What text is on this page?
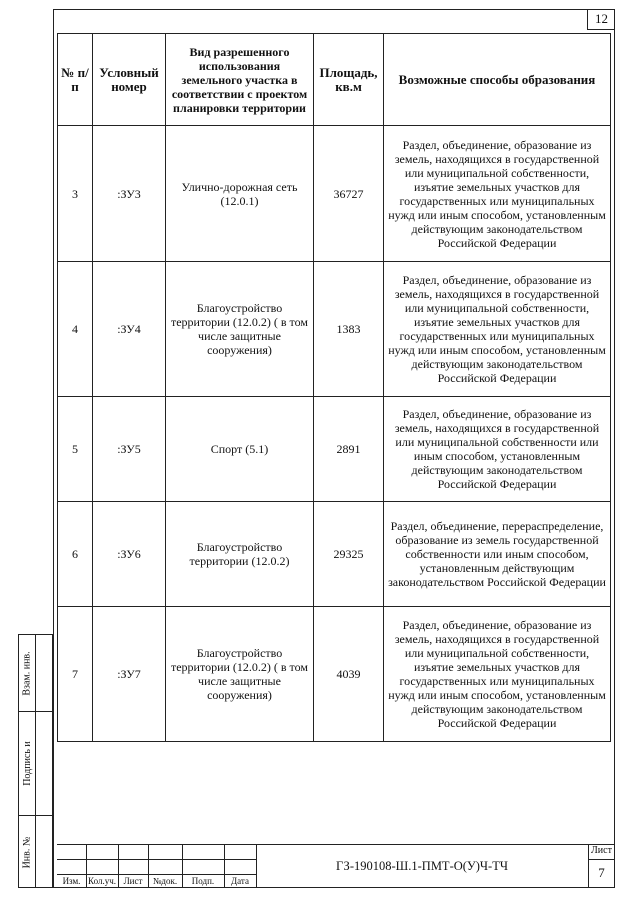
12
№ п/п	Условный номер	Вид разрешенного использования земельного участка в соответствии с проектом планировки территории	Площадь, кв.м	Возможные способы образования
3	:ЗУ3	Улично-дорожная сеть (12.0.1)	36727	Раздел, объединение, образование из земель, находящихся в государственной или муниципальной собственности, изъятие земельных участков для государственных или муниципальных нужд или иным способом, установленным действующим законодательством Российской Федерации
4	:ЗУ4	Благоустройство территории (12.0.2) ( в том числе защитные сооружения)	1383	Раздел, объединение, образование из земель, находящихся в государственной или муниципальной собственности, изъятие земельных участков для государственных или муниципальных нужд или иным способом, установленным действующим законодательством Российской Федерации
5	:ЗУ5	Спорт (5.1)	2891	Раздел, объединение, образование из земель, находящихся в государственной или муниципальной собственности или иным способом, установленным действующим законодательством Российской Федерации
6	:ЗУ6	Благоустройство территории (12.0.2)	29325	Раздел, объединение, перераспределение, образование из земель государственной собственности или иным способом, установленным действующим законодательством Российской Федерации
7	:ЗУ7	Благоустройство территории (12.0.2) ( в том числе защитные сооружения)	4039	Раздел, объединение, образование из земель, находящихся в государственной или муниципальной собственности, изъятие земельных участков для государственных или муниципальных нужд или иным способом, установленным действующим законодательством Российской Федерации
Взам. инв.
Подпись и
Инв. №
Изм. Кол.уч. Лист	№док.	Подп.	Дата
ГЗ-190108-Ш.1-ПМТ-О(У)Ч-ТЧ
Лист
7
